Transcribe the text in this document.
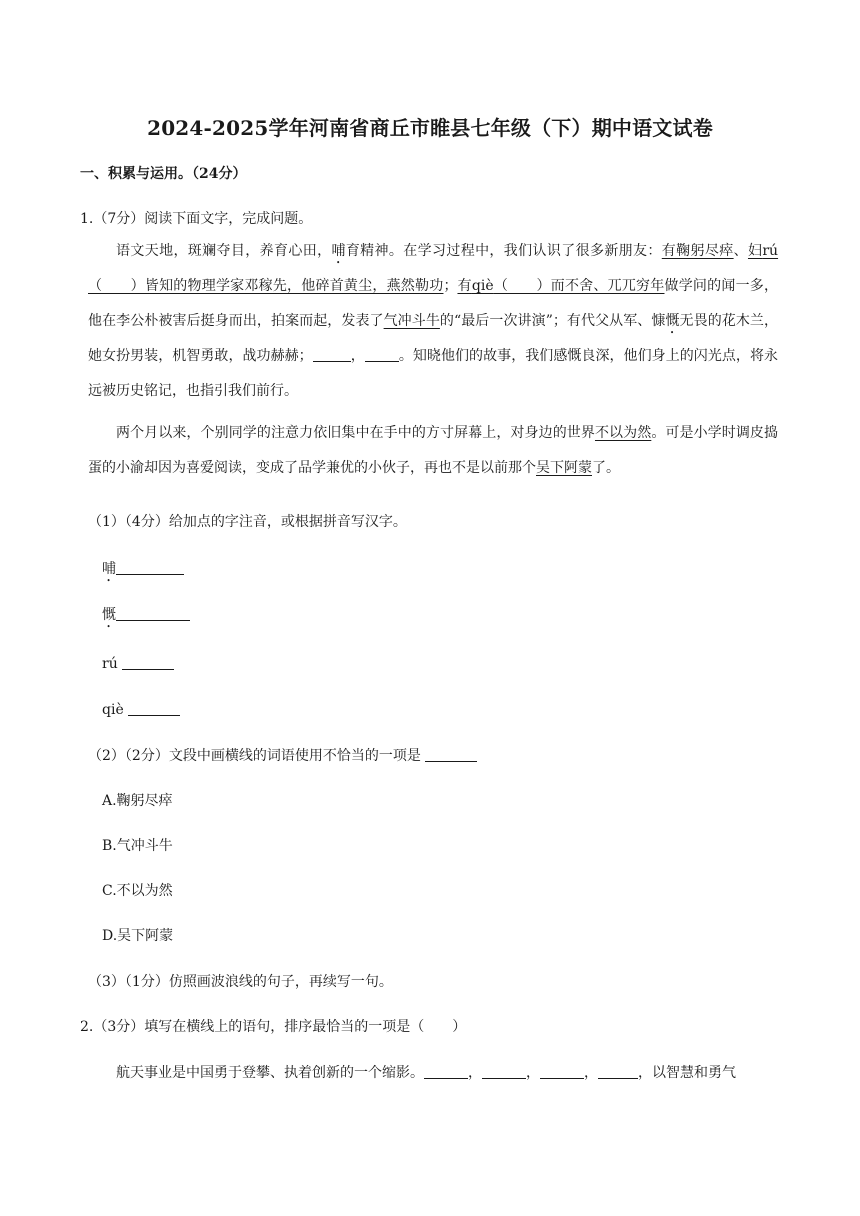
2024-2025学年河南省商丘市睢县七年级（下）期中语文试卷
一、积累与运用。（24分）
1.（7分）阅读下面文字，完成问题。
语文天地，斑斓夺目，养育心田，哺育精神。在学习过程中，我们认识了很多新朋友：有鞠躬尽瘁、妇rú（　　）皆知的物理学家邓稼先，他碎首黄尘，燕然勒功；有qiè（　　）而不舍、兀兀穷年做学问的闻一多，他在李公朴被害后挺身而出，拍案而起，发表了气冲斗牛的“最后一次讲演”；有代父从军、慷慨无畏的花木兰，她女扮男装，机智勇敢，战功赫赫；	， 。知晓他们的故事，我们感慨良深，他们身上的闪光点，将永远被历史铭记，也指引我们前行。
两个月以来，个别同学的注意力依旧集中在手中的方寸屏幕上，对身边的世界不以为然。可是小学时调皮捣蛋的小渝却因为喜爱阅读，变成了品学兼优的小伙子，再也不是以前那个吴下阿蒙了。
（1）（4分）给加点的字注音，或根据拼音写汉字。
哺
慨
rú
qiè
（2）（2分）文段中画横线的词语使用不恰当的一项是
A.鞠躬尽瘁
B.气冲斗牛
C.不以为然
D.吴下阿蒙
（3）（1分）仿照画波浪线的句子，再续写一句。
2.（3分）填写在横线上的语句，排序最恰当的一项是（　　）
航天事业是中国勇于登攀、执着创新的一个缩影。	，	，	，	，以智慧和勇气
